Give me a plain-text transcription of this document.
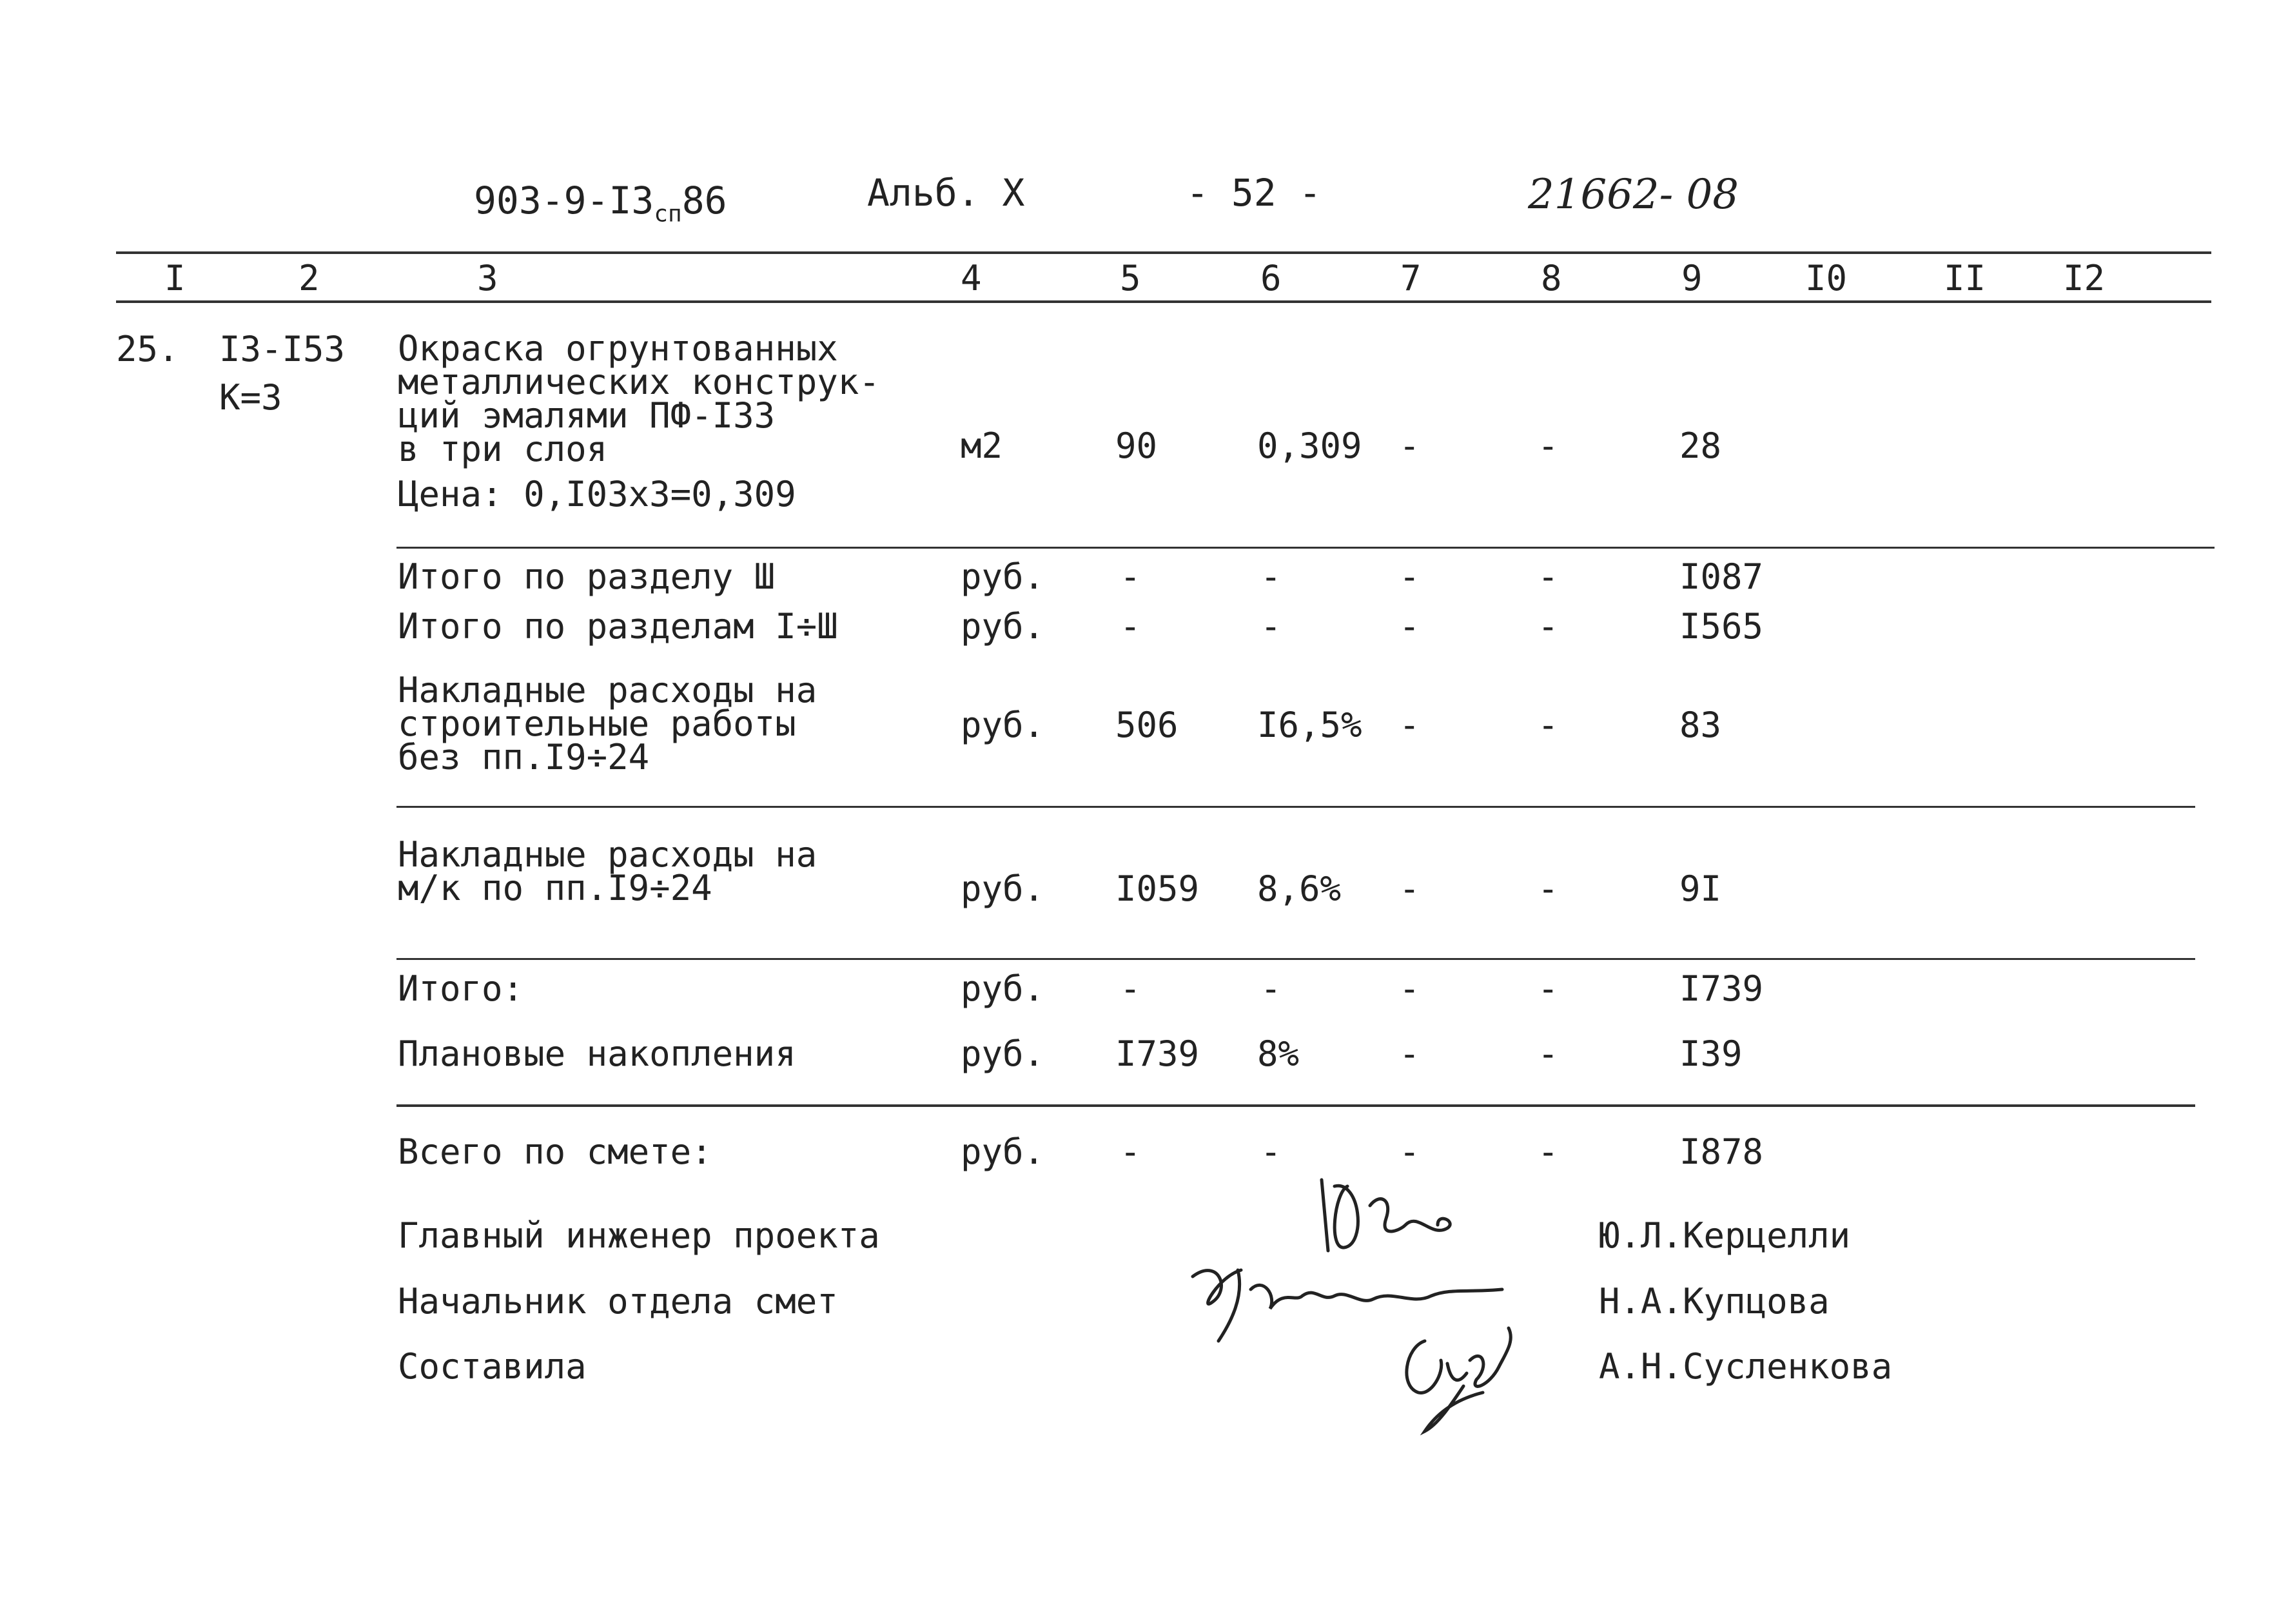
$903-9-I3_{сп}86$	Альб. X	- 52 -	21662- 08
I	2	3	4	5	6	7	8	9	I0	II I2
25. I3-I53
К=3
Окраска огрунтованных
металлических конструк-
ций эмалями ПФ-I33
в три слоя
Цена: 0,I03x3=0,309
м2	90	0,309 -	-	28
Итого по разделу Ш	руб. -	-	-	-	I087
Итого по разделам I÷Ш	руб. -	-	-	-	I565
Накладные расходы на
строительные работы
без пп.I9÷24
руб. 506 I6,5% -	-	83
Накладные расходы на
м/к по пп.I9÷24	руб. I059 8,6% -	-	9I
Итого:	руб. -	-	-	-	I739
Плановые накопления	руб. I739 8%	-	-	I39
Всего по смете:	руб. -	-	-	-	I878
Главный инженер проекта	Ю.Л.Керцелли
Начальник отдела смет	Н.А.Купцова
Составила	А.Н.Сусленкова
